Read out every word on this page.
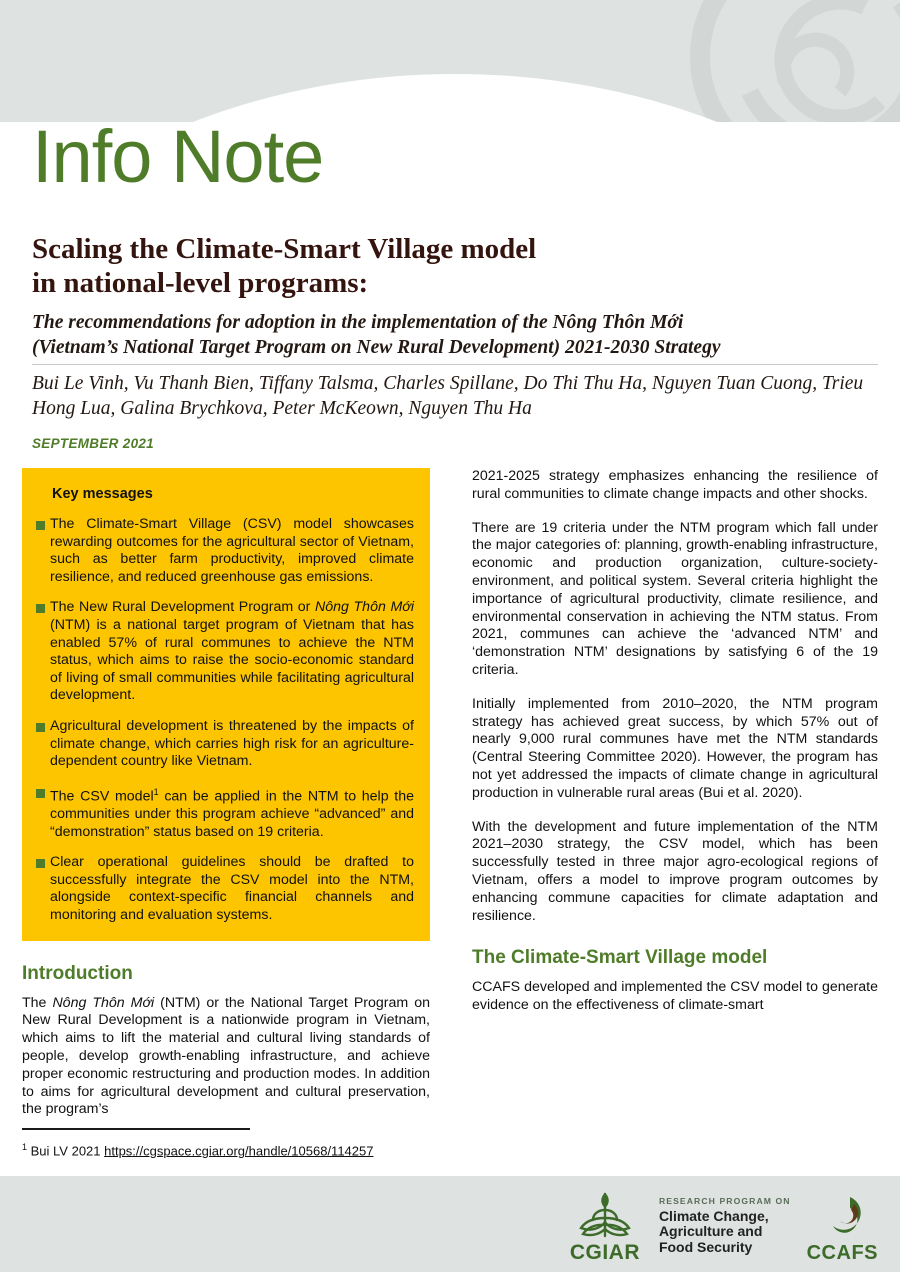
Info Note
Scaling the Climate-Smart Village model
in national-level programs:
The recommendations for adoption in the implementation of the Nông Thôn Mới
(Vietnam’s National Target Program on New Rural Development) 2021-2030 Strategy
Bui Le Vinh, Vu Thanh Bien, Tiffany Talsma, Charles Spillane, Do Thi Thu Ha, Nguyen Tuan Cuong, Trieu Hong Lua, Galina Brychkova, Peter McKeown, Nguyen Thu Ha
SEPTEMBER 2021
Key messages
The Climate-Smart Village (CSV) model showcases rewarding outcomes for the agricultural sector of Vietnam, such as better farm productivity, improved climate resilience, and reduced greenhouse gas emissions.
The New Rural Development Program or Nông Thôn Mới (NTM) is a national target program of Vietnam that has enabled 57% of rural communes to achieve the NTM status, which aims to raise the socio-economic standard of living of small communities while facilitating agricultural development.
Agricultural development is threatened by the impacts of climate change, which carries high risk for an agriculture-dependent country like Vietnam.
The CSV model$^1$ can be applied in the NTM to help the communities under this program achieve “advanced” and “demonstration” status based on 19 criteria.
Clear operational guidelines should be drafted to successfully integrate the CSV model into the NTM, alongside context-specific financial channels and monitoring and evaluation systems.
Introduction

The Nông Thôn Mới (NTM) or the National Target Program on New Rural Development is a nationwide program in Vietnam, which aims to lift the material and cultural living standards of people, develop growth-enabling infrastructure, and achieve proper economic restructuring and production modes. In addition to aims for agricultural development and cultural preservation, the program’s

2021-2025 strategy emphasizes enhancing the resilience of rural communities to climate change impacts and other shocks.

There are 19 criteria under the NTM program which fall under the major categories of: planning, growth-enabling infrastructure, economic and production organization, culture-society-environment, and political system. Several criteria highlight the importance of agricultural productivity, climate resilience, and environmental conservation in achieving the NTM status. From 2021, communes can achieve the ‘advanced NTM’ and ‘demonstration NTM’ designations by satisfying 6 of the 19 criteria.

Initially implemented from 2010–2020, the NTM program strategy has achieved great success, by which 57% out of nearly 9,000 rural communes have met the NTM standards (Central Steering Committee 2020). However, the program has not yet addressed the impacts of climate change in agricultural production in vulnerable rural areas (Bui et al. 2020).

With the development and future implementation of the NTM 2021–2030 strategy, the CSV model, which has been successfully tested in three major agro-ecological regions of Vietnam, offers a model to improve program outcomes by enhancing commune capacities for climate adaptation and resilience.

The Climate-Smart Village model

CCAFS developed and implemented the CSV model to generate evidence on the effectiveness of climate-smart

$^1$ Bui LV 2021 https://cgspace.cgiar.org/handle/10568/114257
CGIAR
RESEARCH PROGRAM ON
Climate Change,
Agriculture and
Food Security	CCAFS
